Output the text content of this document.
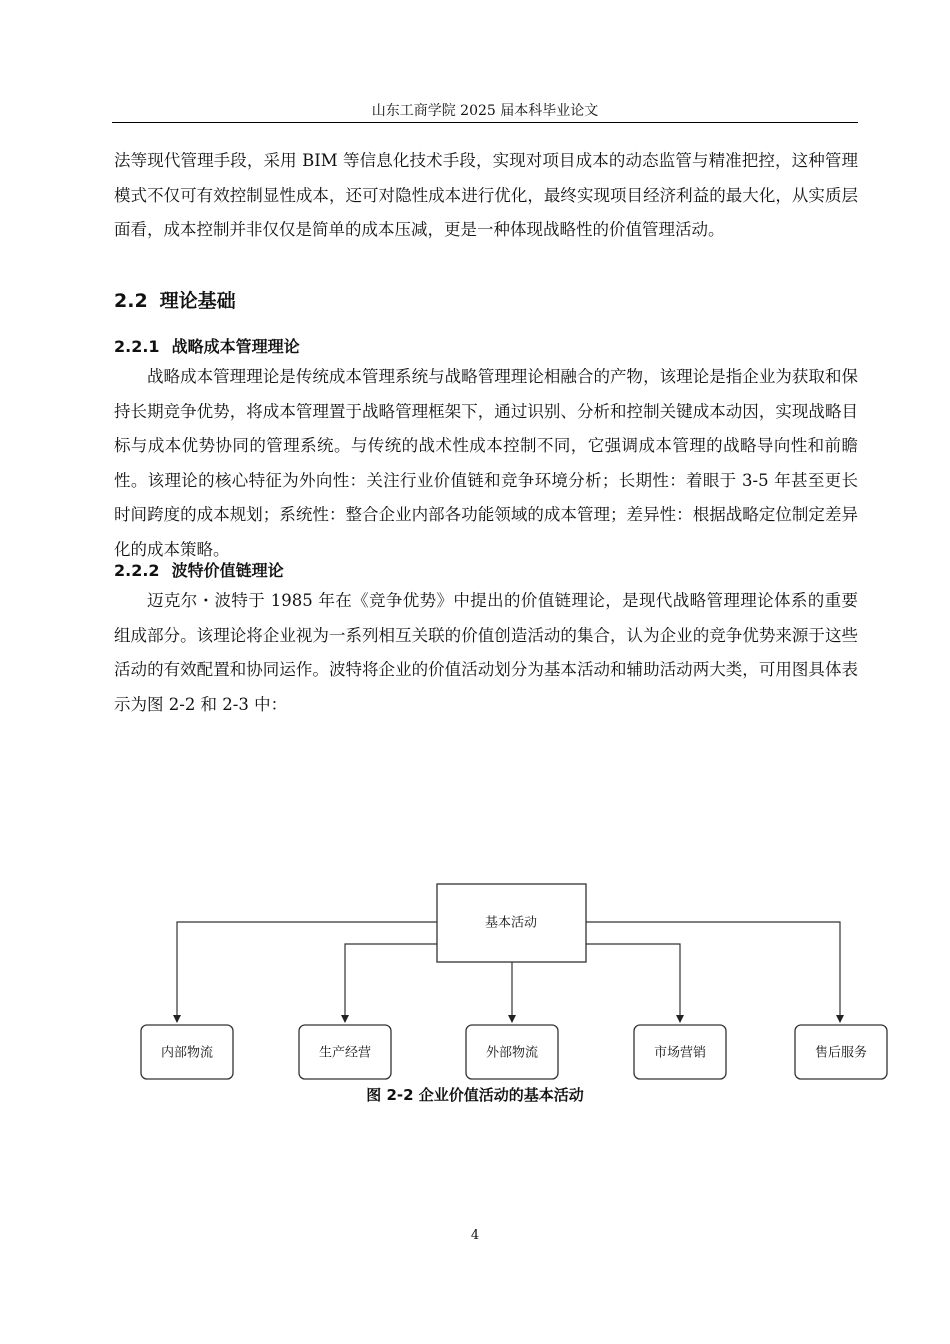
山东工商学院 2025 届本科毕业论文

法等现代管理手段，采用 BIM 等信息化技术手段，实现对项目成本的动态监管与精准把控，这种管理模式不仅可有效控制显性成本，还可对隐性成本进行优化，最终实现项目经济利益的最大化，从实质层面看，成本控制并非仅仅是简单的成本压减，更是一种体现战略性的价值管理活动。

2.2 理论基础
2.2.1 战略成本管理理论

战略成本管理理论是传统成本管理系统与战略管理理论相融合的产物，该理论是指企业为获取和保持长期竞争优势，将成本管理置于战略管理框架下，通过识别、分析和控制关键成本动因，实现战略目标与成本优势协同的管理系统。与传统的战术性成本控制不同，它强调成本管理的战略导向性和前瞻性。该理论的核心特征为外向性：关注行业价值链和竞争环境分析；长期性：着眼于 3-5 年甚至更长时间跨度的成本规划；系统性：整合企业内部各功能领域的成本管理；差异性：根据战略定位制定差异化的成本策略。

2.2.2 波特价值链理论

迈克尔・波特于 1985 年在《竞争优势》中提出的价值链理论，是现代战略管理理论体系的重要组成部分。该理论将企业视为一系列相互关联的价值创造活动的集合，认为企业的竞争优势来源于这些活动的有效配置和协同运作。波特将企业的价值活动划分为基本活动和辅助活动两大类，可用图具体表示为图 2-2 和 2-3 中：

基本活动
内部物流	生产经营	外部物流	市场营销	售后服务
图 2-2 企业价值活动的基本活动
4
